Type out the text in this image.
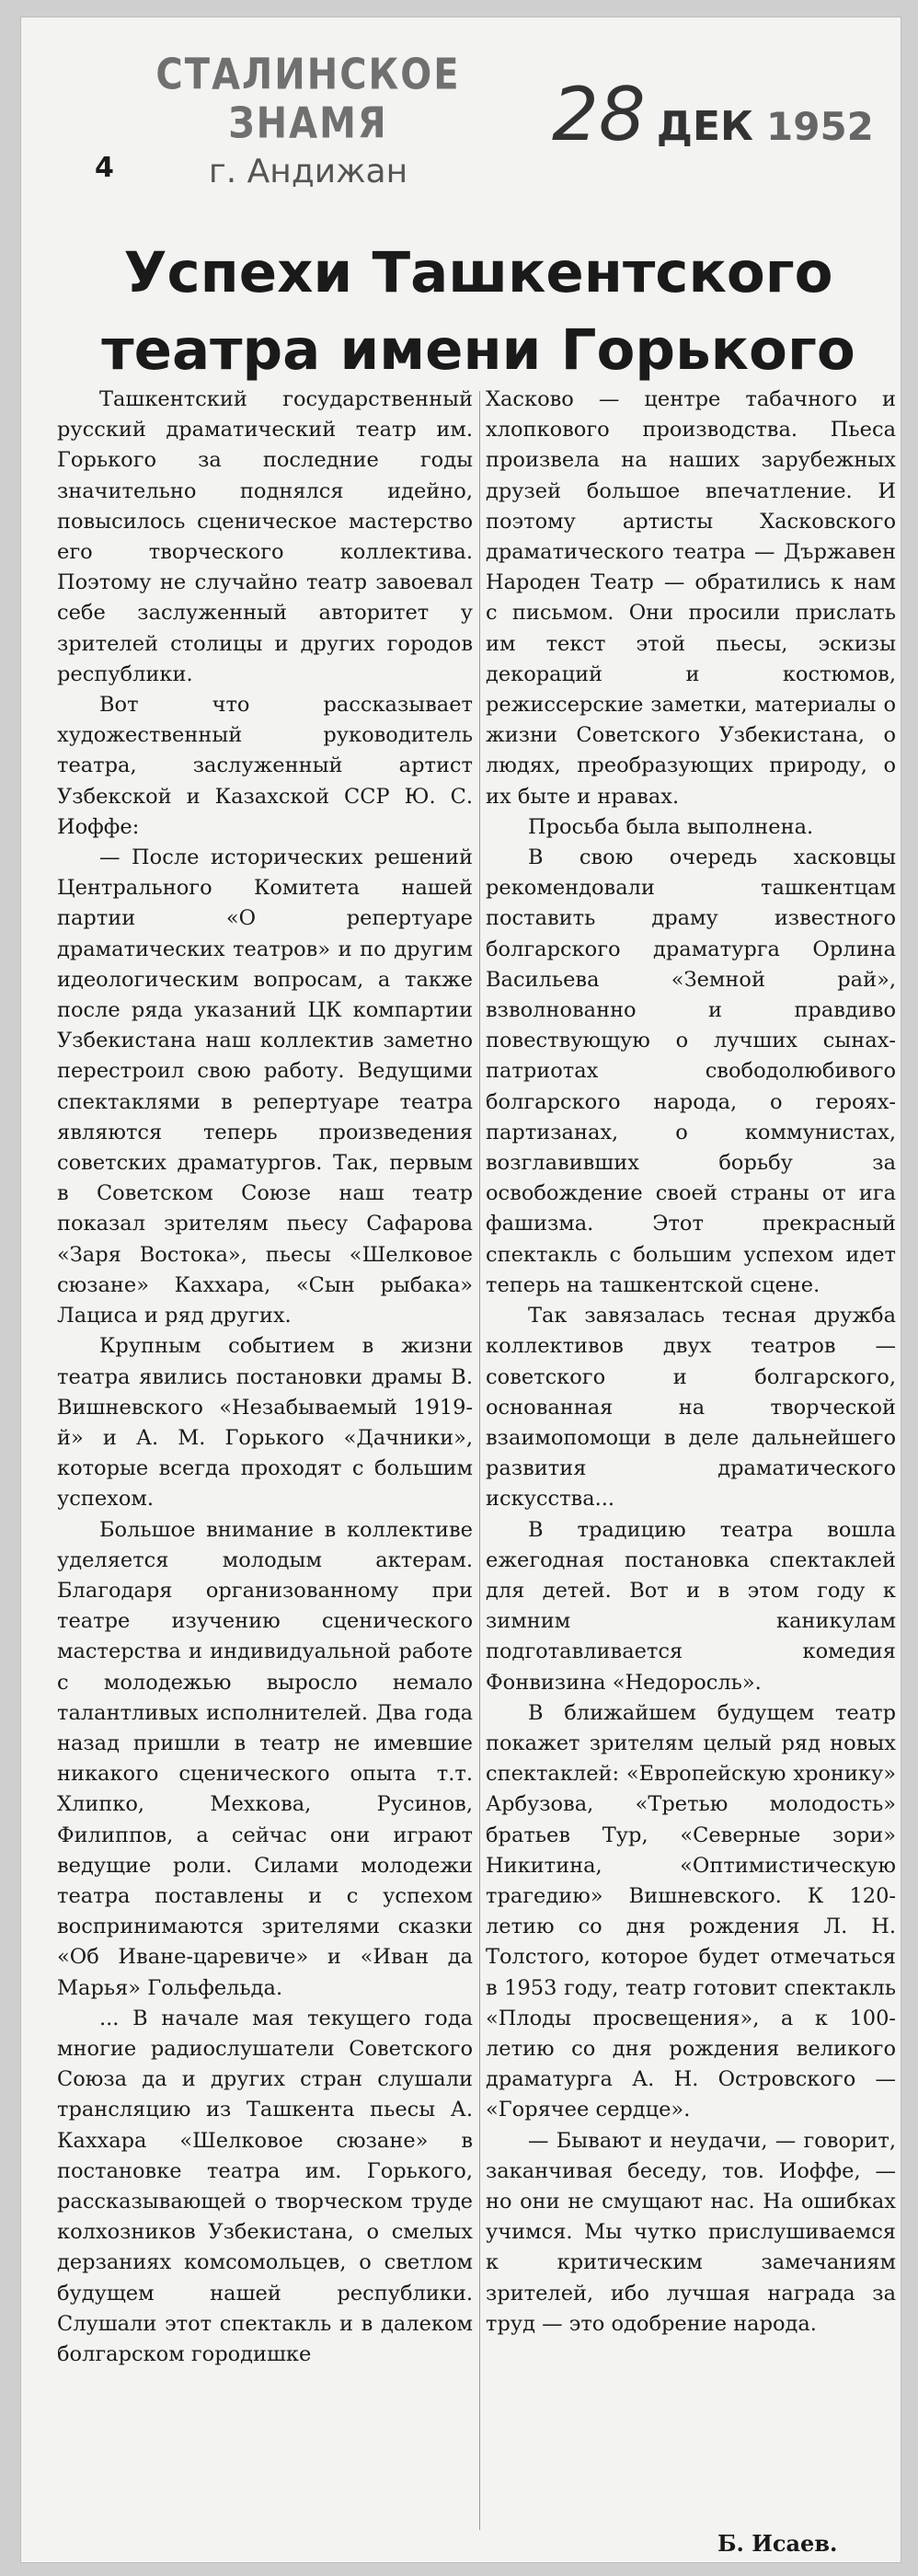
СТАЛИНСКОЕ ЗНАМЯ
г. Андижан
28 ДЕК 1952
4
Успехи Ташкентского
театра имени Горького

Ташкентский государственный русский драматический театр им. Горького за последние годы значительно поднялся идейно, повысилось сценическое мастерство его творческого коллектива. Поэтому не случайно театр завоевал себе заслуженный авторитет у зрителей столицы и других городов республики.

Вот что рассказывает художественный руководитель театра, заслуженный артист Узбекской и Казахской ССР Ю. С. Иоффе:

— После исторических решений Центрального Комитета нашей партии «О репертуаре драматических театров» и по другим идеологическим вопросам, а также после ряда указаний ЦК компартии Узбекистана наш коллектив заметно перестроил свою работу. Ведущими спектаклями в репертуаре театра являются теперь произведения советских драматургов. Так, первым в Советском Союзе наш театр показал зрителям пьесу Сафарова «Заря Востока», пьесы «Шелковое сюзане» Каххара, «Сын рыбака» Лациса и ряд других.

Крупным событием в жизни театра явились постановки драмы В. Вишневского «Незабываемый 1919-й» и А. М. Горького «Дачники», которые всегда проходят с большим успехом.

Большое внимание в коллективе уделяется молодым актерам. Благодаря организованному при театре изучению сценического мастерства и индивидуальной работе с молодежью выросло немало талантливых исполнителей. Два года назад пришли в театр не имевшие никакого сценического опыта т.т. Хлипко, Мехкова, Русинов, Филиппов, а сейчас они играют ведущие роли. Силами молодежи театра поставлены и с успехом воспринимаются зрителями сказки «Об Иване-царевиче» и «Иван да Марья» Гольфельда.

... В начале мая текущего года многие радиослушатели Советского Союза да и других стран слушали трансляцию из Ташкента пьесы А. Каххара «Шелковое сюзане» в постановке театра им. Горького, рассказывающей о творческом труде колхозников Узбекистана, о смелых дерзаниях комсомольцев, о светлом будущем нашей республики. Слушали этот спектакль и в далеком болгарском городишке

Хасково — центре табачного и хлопкового производства. Пьеса произвела на наших зарубежных друзей большое впечатление. И поэтому артисты Хасковского драматического театра — Държавен Народен Театр — обратились к нам с письмом. Они просили прислать им текст этой пьесы, эскизы декораций и костюмов, режиссерские заметки, материалы о жизни Советского Узбекистана, о людях, преобразующих природу, о их быте и нравах.

Просьба была выполнена.

В свою очередь хасковцы рекомендовали ташкентцам поставить драму известного болгарского драматурга Орлина Васильева «Земной рай», взволнованно и правдиво повествующую о лучших сынах-патриотах свободолюбивого болгарского народа, о героях-партизанах, о коммунистах, возглавивших борьбу за освобождение своей страны от ига фашизма. Этот прекрасный спектакль с большим успехом идет теперь на ташкентской сцене.

Так завязалась тесная дружба коллективов двух театров — советского и болгарского, основанная на творческой взаимопомощи в деле дальнейшего развития драматического искусства...

В традицию театра вошла ежегодная постановка спектаклей для детей. Вот и в этом году к зимним каникулам подготавливается комедия Фонвизина «Недоросль».

В ближайшем будущем театр покажет зрителям целый ряд новых спектаклей: «Европейскую хронику» Арбузова, «Третью молодость» братьев Тур, «Северные зори» Никитина, «Оптимистическую трагедию» Вишневского. К 120-летию со дня рождения Л. Н. Толстого, которое будет отмечаться в 1953 году, театр готовит спектакль «Плоды просвещения», а к 100-летию со дня рождения великого драматурга А. Н. Островского — «Горячее сердце».

— Бывают и неудачи, — говорит, заканчивая беседу, тов. Иоффе, — но они не смущают нас. На ошибках учимся. Мы чутко прислушиваемся к критическим замечаниям зрителей, ибо лучшая награда за труд — это одобрение народа.

Б. Исаев.
